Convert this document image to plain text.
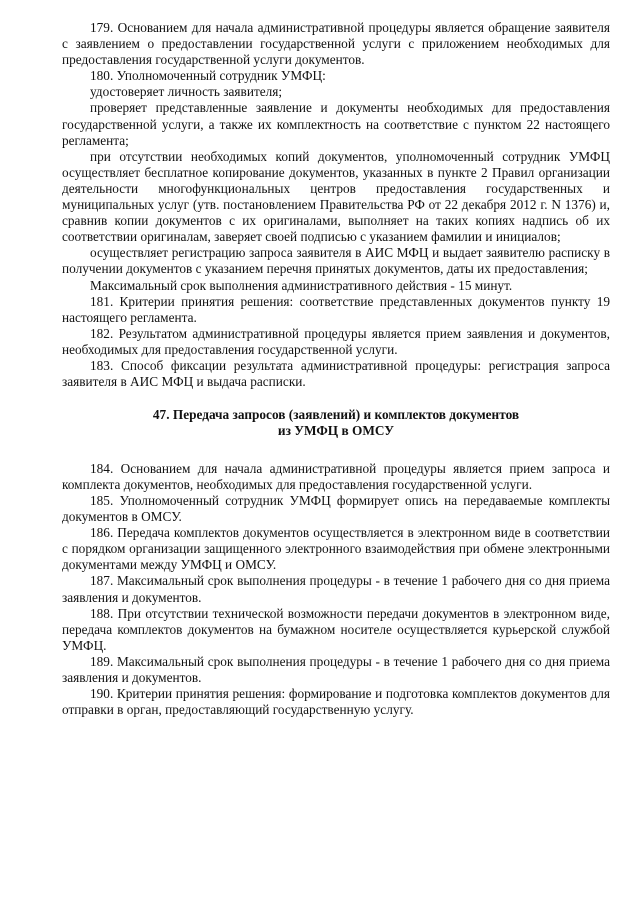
179. Основанием для начала административной процедуры является обращение заявителя с заявлением о предоставлении государственной услуги с приложением необходимых для предоставления государственной услуги документов.

180. Уполномоченный сотрудник УМФЦ:

удостоверяет личность заявителя;

проверяет представленные заявление и документы необходимых для предоставления государственной услуги, а также их комплектность на соответствие с пунктом 22 настоящего регламента;

при отсутствии необходимых копий документов, уполномоченный сотрудник УМФЦ осуществляет бесплатное копирование документов, указанных в пункте 2 Правил организации деятельности многофункциональных центров предоставления государственных и муниципальных услуг (утв. постановлением Правительства РФ от 22 декабря 2012 г. N 1376) и, сравнив копии документов с их оригиналами, выполняет на таких копиях надпись об их соответствии оригиналам, заверяет своей подписью с указанием фамилии и инициалов;

осуществляет регистрацию запроса заявителя в АИС МФЦ и выдает заявителю расписку в получении документов с указанием перечня принятых документов, даты их предоставления;

Максимальный срок выполнения административного действия - 15 минут.

181. Критерии принятия решения: соответствие представленных документов пункту 19 настоящего регламента.

182. Результатом административной процедуры является прием заявления и документов, необходимых для предоставления государственной услуги.

183. Способ фиксации результата административной процедуры: регистрация запроса заявителя в АИС МФЦ и выдача расписки.

47. Передача запросов (заявлений) и комплектов документов
из УМФЦ в ОМСУ

184. Основанием для начала административной процедуры является прием запроса и комплекта документов, необходимых для предоставления государственной услуги.

185. Уполномоченный сотрудник УМФЦ формирует опись на передаваемые комплекты документов в ОМСУ.

186. Передача комплектов документов осуществляется в электронном виде в соответствии с порядком организации защищенного электронного взаимодействия при обмене электронными документами между УМФЦ и ОМСУ.

187. Максимальный срок выполнения процедуры - в течение 1 рабочего дня со дня приема заявления и документов.

188. При отсутствии технической возможности передачи документов в электронном виде, передача комплектов документов на бумажном носителе осуществляется курьерской службой УМФЦ.

189. Максимальный срок выполнения процедуры - в течение 1 рабочего дня со дня приема заявления и документов.

190. Критерии принятия решения: формирование и подготовка комплектов документов для отправки в орган, предоставляющий государственную услугу.
